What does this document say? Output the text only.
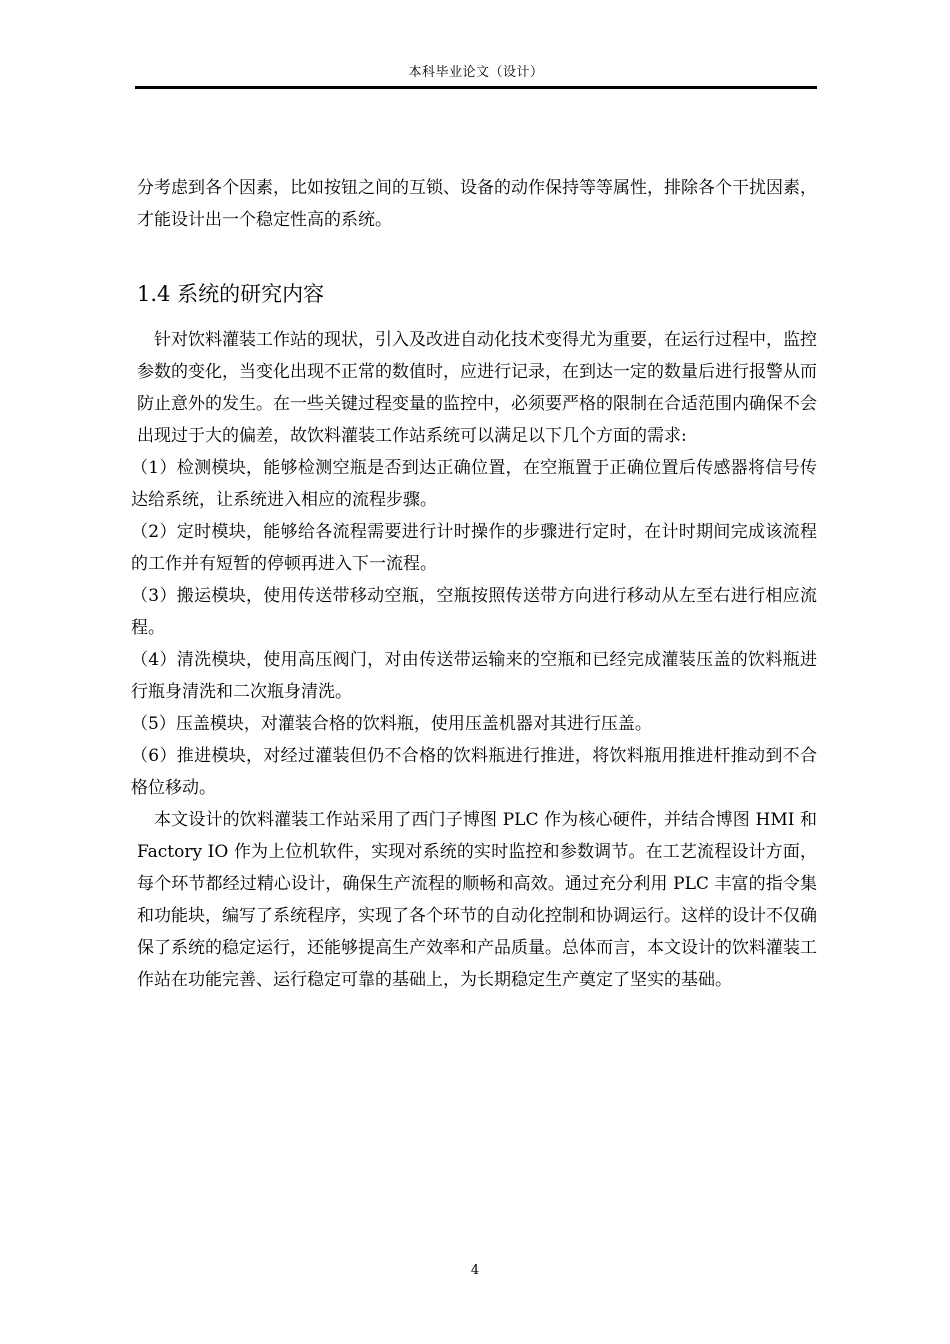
本科毕业论文（设计）

分考虑到各个因素，比如按钮之间的互锁、设备的动作保持等等属性，排除各个干扰因素，才能设计出一个稳定性高的系统。

1.4 系统的研究内容

针对饮料灌装工作站的现状，引入及改进自动化技术变得尤为重要，在运行过程中，监控参数的变化，当变化出现不正常的数值时，应进行记录，在到达一定的数量后进行报警从而防止意外的发生。在一些关键过程变量的监控中，必须要严格的限制在合适范围内确保不会出现过于大的偏差，故饮料灌装工作站系统可以满足以下几个方面的需求:

（1）检测模块，能够检测空瓶是否到达正确位置，在空瓶置于正确位置后传感器将信号传达给系统，让系统进入相应的流程步骤。

（2）定时模块，能够给各流程需要进行计时操作的步骤进行定时，在计时期间完成该流程的工作并有短暂的停顿再进入下一流程。

（3）搬运模块，使用传送带移动空瓶，空瓶按照传送带方向进行移动从左至右进行相应流程。

（4）清洗模块，使用高压阀门，对由传送带运输来的空瓶和已经完成灌装压盖的饮料瓶进行瓶身清洗和二次瓶身清洗。

（5）压盖模块，对灌装合格的饮料瓶，使用压盖机器对其进行压盖。

（6）推进模块，对经过灌装但仍不合格的饮料瓶进行推进，将饮料瓶用推进杆推动到不合格位移动。

本文设计的饮料灌装工作站采用了西门子博图 PLC 作为核心硬件，并结合博图 HMI 和 Factory IO 作为上位机软件，实现对系统的实时监控和参数调节。在工艺流程设计方面，每个环节都经过精心设计，确保生产流程的顺畅和高效。通过充分利用 PLC 丰富的指令集和功能块，编写了系统程序，实现了各个环节的自动化控制和协调运行。这样的设计不仅确保了系统的稳定运行，还能够提高生产效率和产品质量。总体而言，本文设计的饮料灌装工作站在功能完善、运行稳定可靠的基础上，为长期稳定生产奠定了坚实的基础。

4
